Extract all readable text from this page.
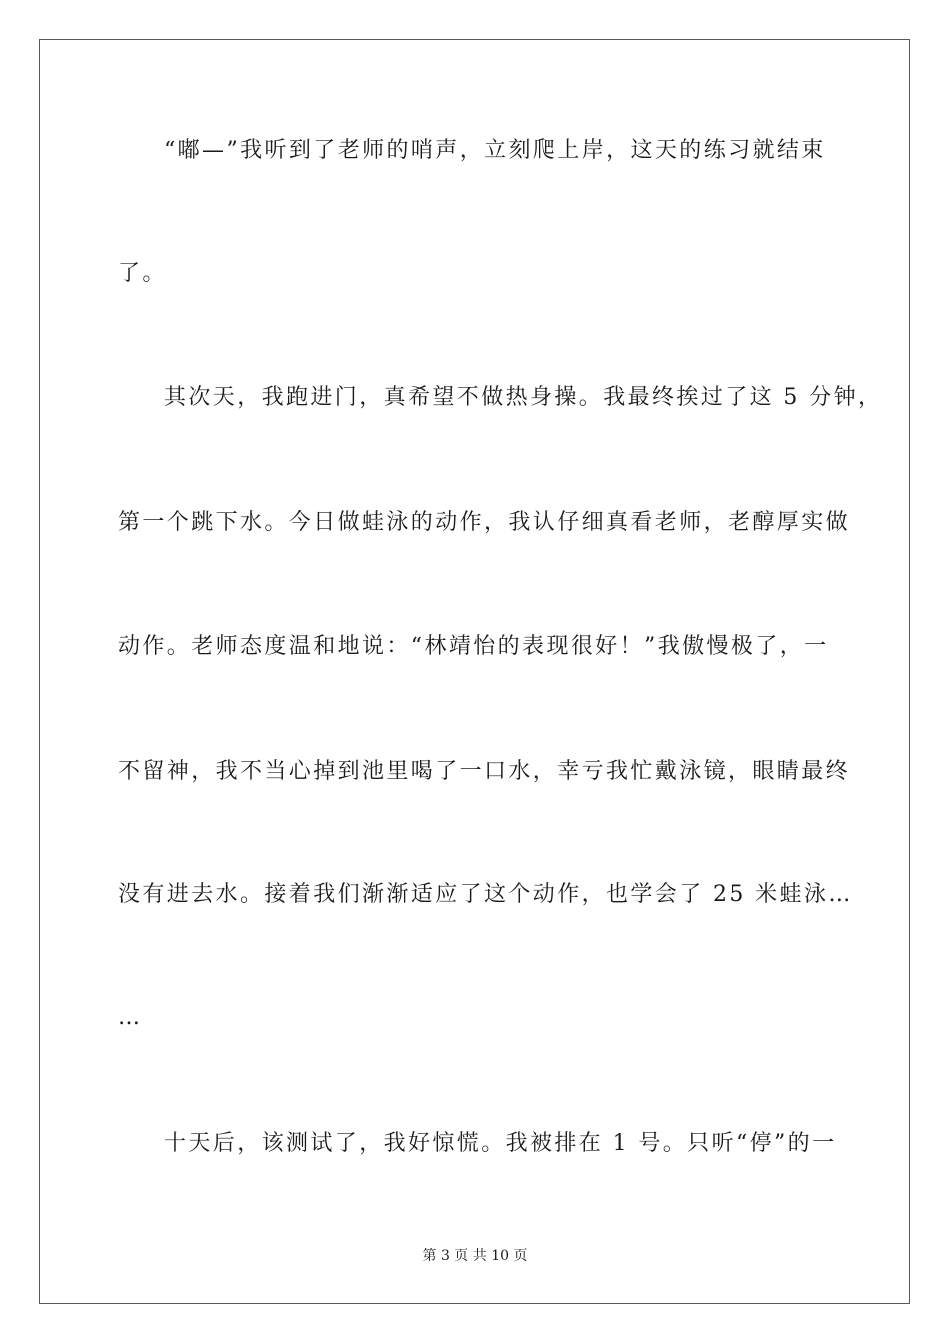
“嘟—”我听到了老师的哨声，立刻爬上岸，这天的练习就结束
了。
其次天，我跑进门，真希望不做热身操。我最终挨过了这 5 分钟，
第一个跳下水。今日做蛙泳的动作，我认仔细真看老师，老醇厚实做
动作。老师态度温和地说：“林靖怡的表现很好！”我傲慢极了，一
不留神，我不当心掉到池里喝了一口水，幸亏我忙戴泳镜，眼睛最终
没有进去水。接着我们渐渐适应了这个动作，也学会了 25 米蛙泳…
…
十天后，该测试了，我好惊慌。我被排在 1 号。只听“停”的一
第 3 页 共 10 页
